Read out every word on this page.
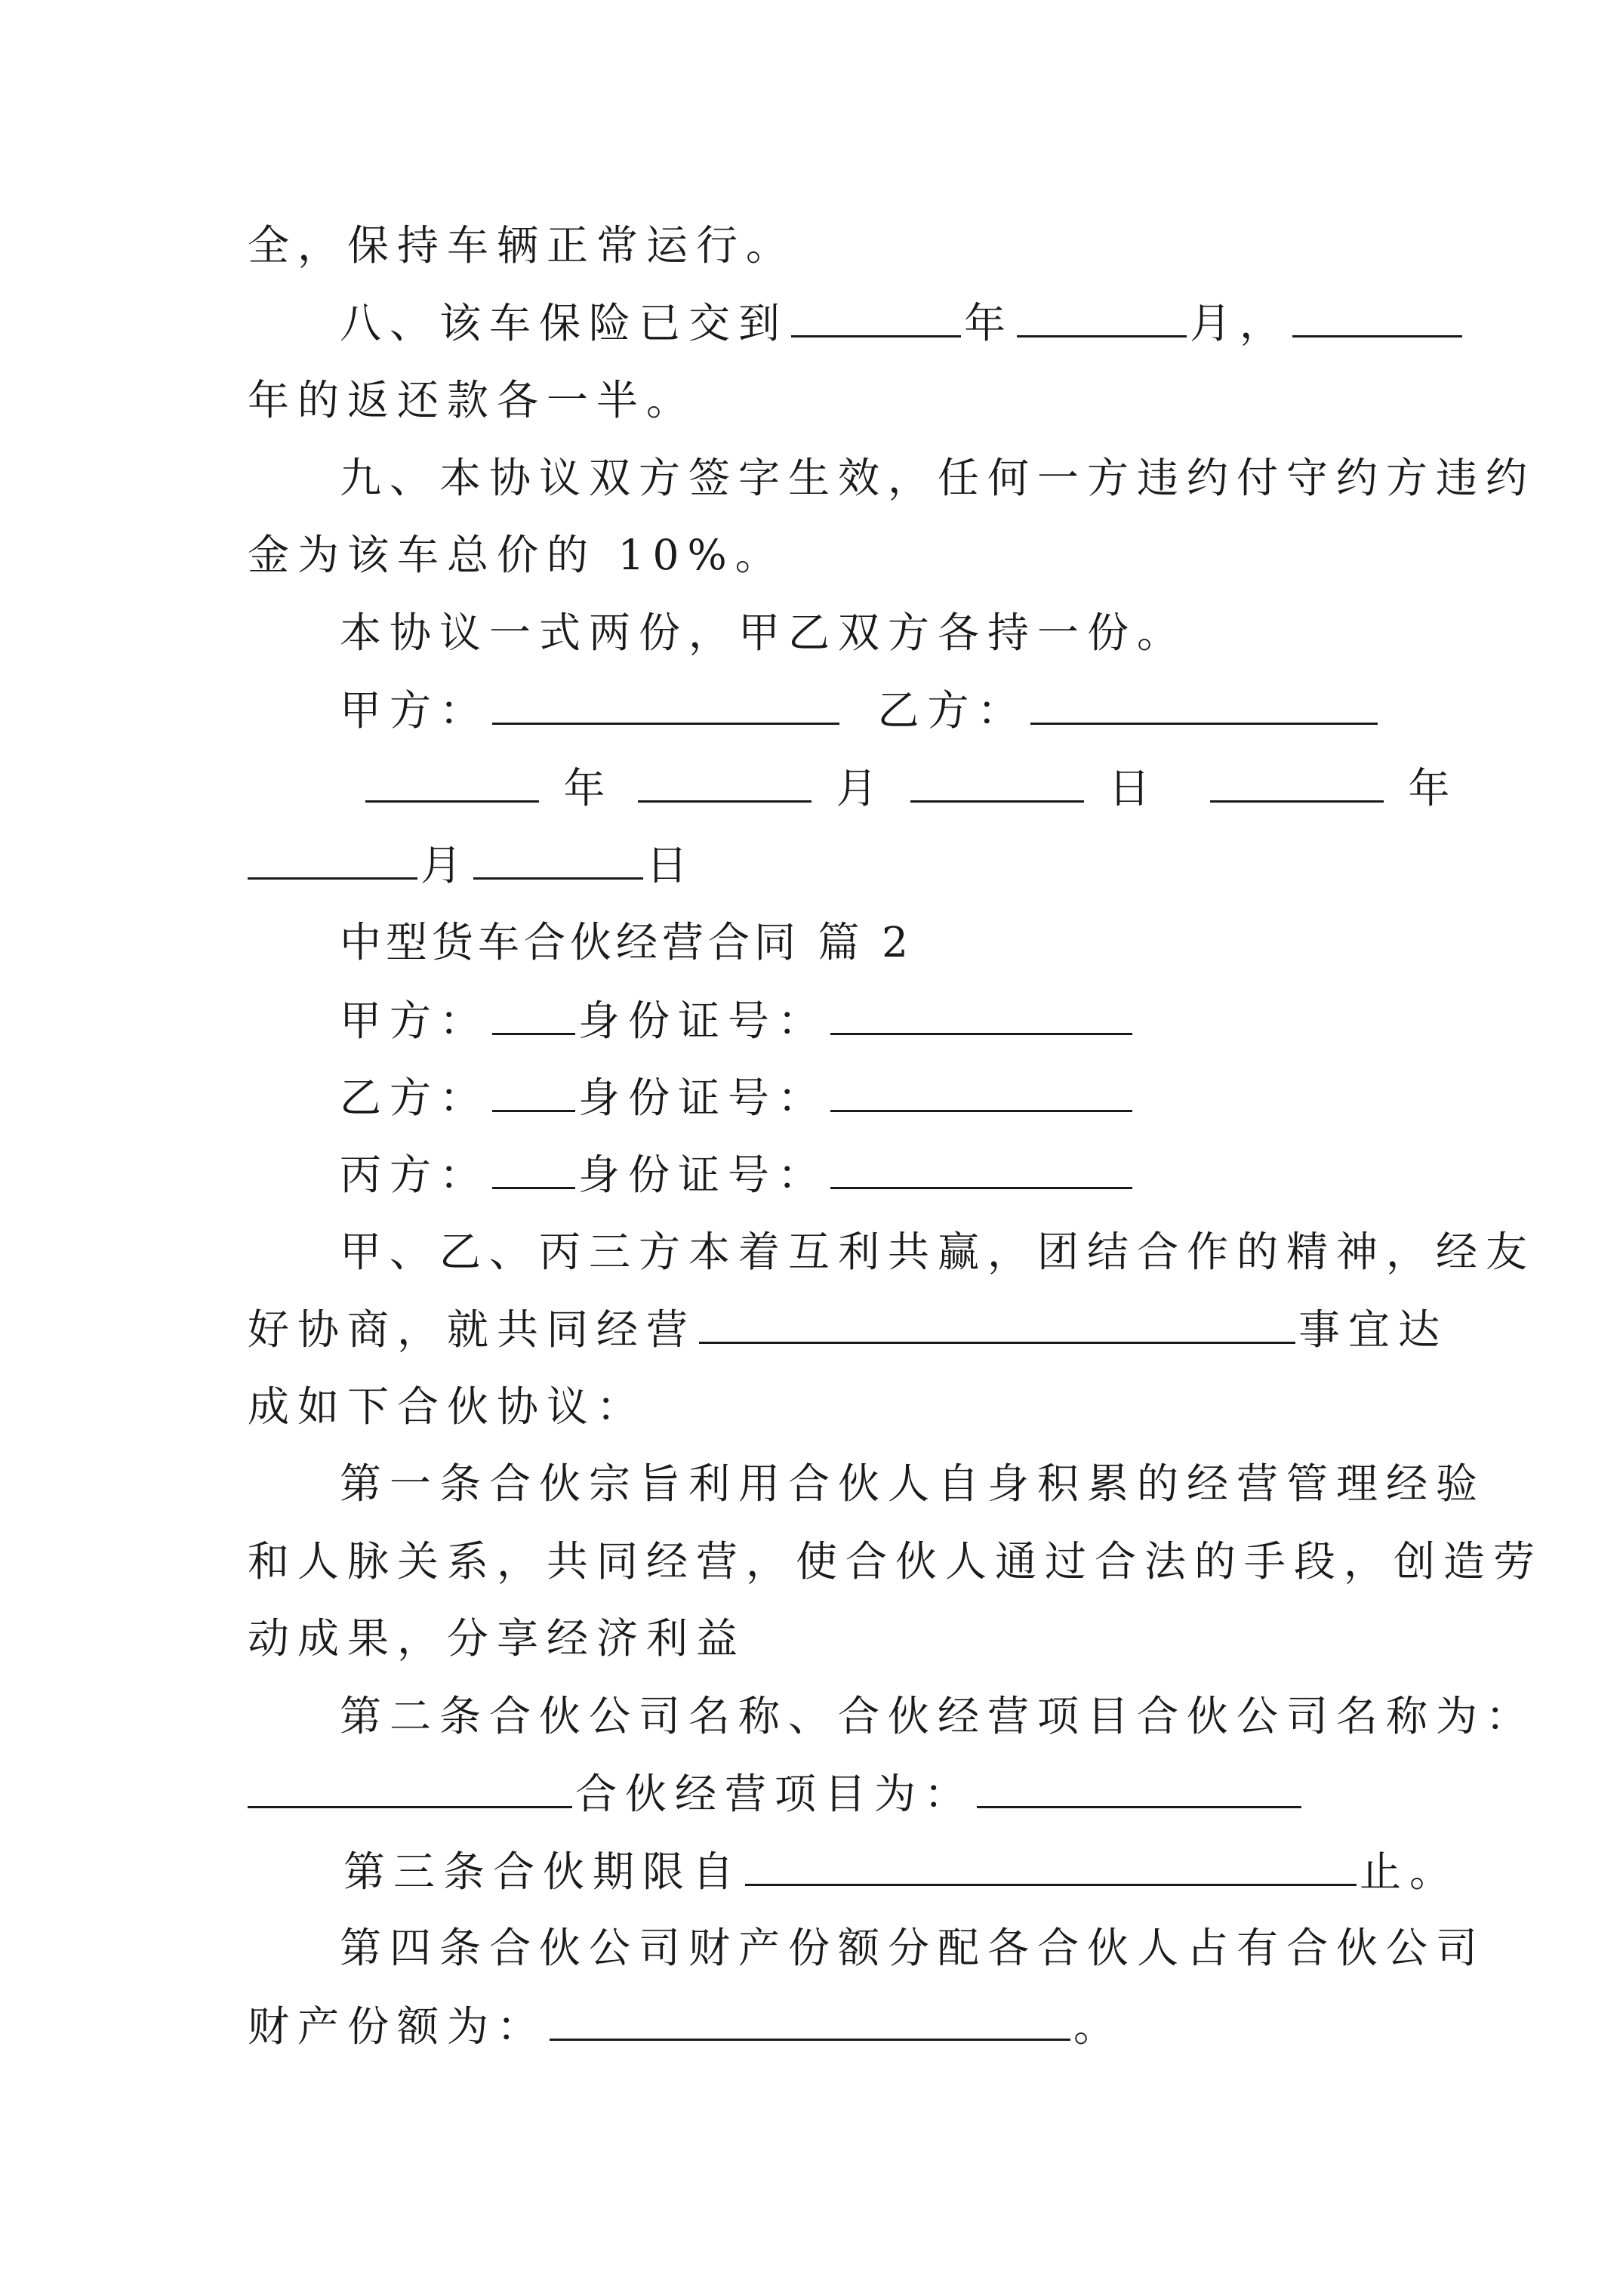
全，保持车辆正常运行。
八、该车保险已交到	年	月，
年的返还款各一半。
九、本协议双方签字生效，任何一方违约付守约方违约
金为该车总价的 10%。
本协议一式两份，甲乙双方各持一份。
甲方：	乙方：
年	月	日	年
月	日
中型货车合伙经营合同 篇 2
甲方： 身份证号：
乙方： 身份证号：
丙方： 身份证号：
甲、乙、丙三方本着互利共赢，团结合作的精神，经友
好协商，就共同经营	事宜达
成如下合伙协议：
第一条合伙宗旨利用合伙人自身积累的经营管理经验
和人脉关系，共同经营，使合伙人通过合法的手段，创造劳
动成果，分享经济利益
第二条合伙公司名称、合伙经营项目合伙公司名称为：
合伙经营项目为：
第三条合伙期限自	止。
第四条合伙公司财产份额分配各合伙人占有合伙公司
财产份额为：	。
